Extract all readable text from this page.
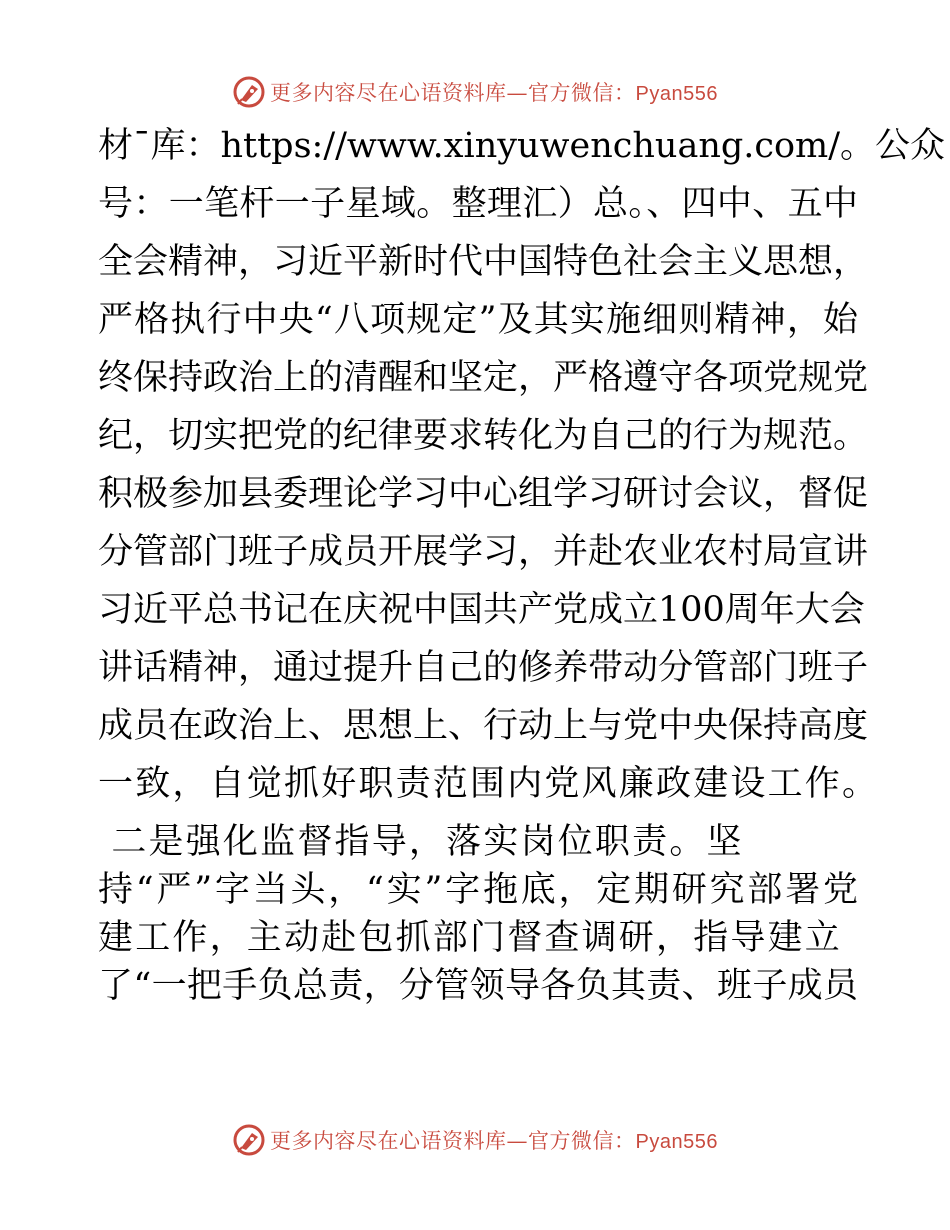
更多内容尽在心语资料库—官方微信：Pyan556
材¯库：https://www.xinyuwenchuang.com/。公众
号：一笔杆一子星域。整理汇）总。、四中、五中
全会精神，习近平新时代中国特色社会主义思想，
严格执行中央“八项规定”及其实施细则精神，始
终保持政治上的清醒和坚定，严格遵守各项党规党
纪，切实把党的纪律要求转化为自己的行为规范。
积极参加县委理论学习中心组学习研讨会议，督促
分管部门班子成员开展学习，并赴农业农村局宣讲
习近平总书记在庆祝中国共产党成立100周年大会
讲话精神，通过提升自己的修养带动分管部门班子
成员在政治上、思想上、行动上与党中央保持高度
一致，自觉抓好职责范围内党风廉政建设工作。
二是强化监督指导，落实岗位职责。坚
持“严”字当头，“实”字拖底，定期研究部署党
建工作，主动赴包抓部门督查调研，指导建立
了“一把手负总责，分管领导各负其责、班子成员
更多内容尽在心语资料库—官方微信：Pyan556
